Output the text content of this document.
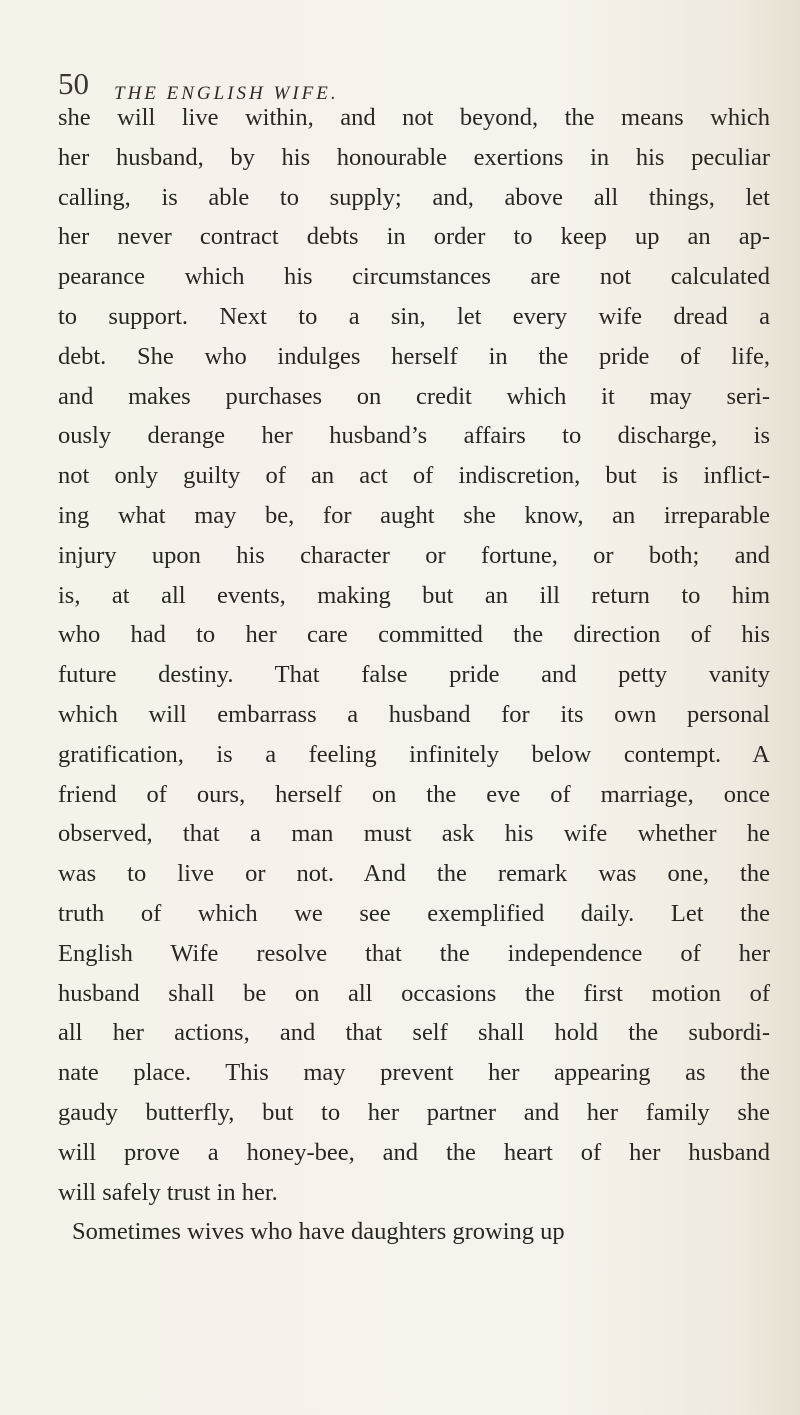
50 THE ENGLISH WIFE.
she will live within, and not beyond, the means which
her husband, by his honourable exertions in his peculiar
calling, is able to supply; and, above all things, let
her never contract debts in order to keep up an ap-
pearance which his circumstances are not calculated
to support. Next to a sin, let every wife dread a
debt. She who indulges herself in the pride of life,
and makes purchases on credit which it may seri-
ously derange her husband’s affairs to discharge, is
not only guilty of an act of indiscretion, but is inflict-
ing what may be, for aught she know, an irreparable
injury upon his character or fortune, or both; and
is, at all events, making but an ill return to him
who had to her care committed the direction of his
future destiny. That false pride and petty vanity
which will embarrass a husband for its own personal
gratification, is a feeling infinitely below contempt. A
friend of ours, herself on the eve of marriage, once
observed, that a man must ask his wife whether he
was to live or not. And the remark was one, the
truth of which we see exemplified daily. Let the
English Wife resolve that the independence of her
husband shall be on all occasions the first motion of
all her actions, and that self shall hold the subordi-
nate place. This may prevent her appearing as the
gaudy butterfly, but to her partner and her family she
will prove a honey-bee, and the heart of her husband
will safely trust in her.
Sometimes wives who have daughters growing up
